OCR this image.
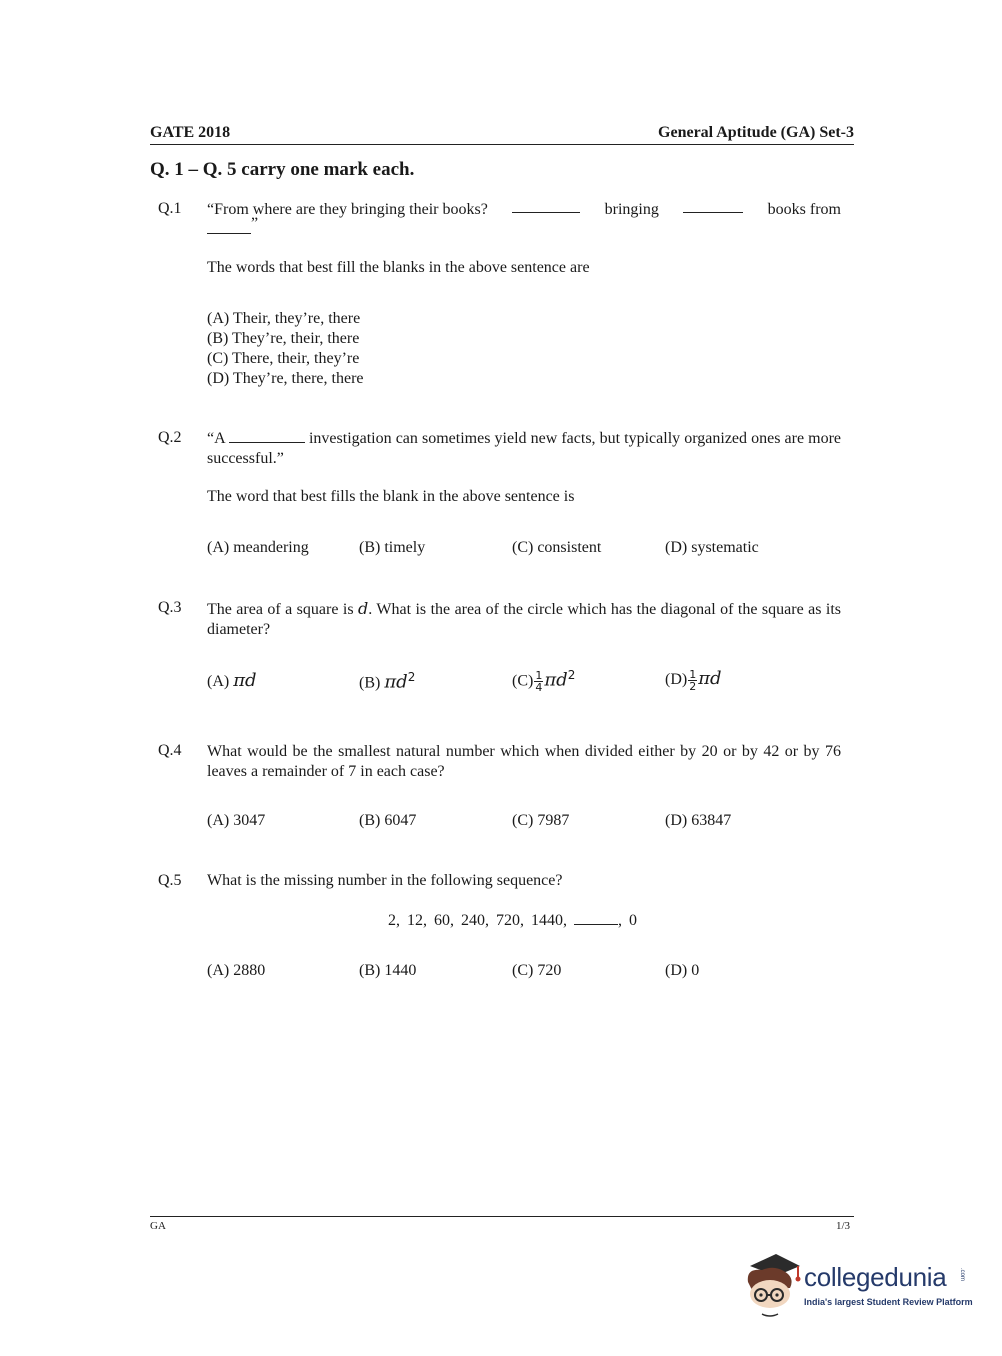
GATE 2018	General Aptitude (GA) Set-3
Q. 1 – Q. 5 carry one mark each.
Q.1 “From where are they bringing their books?	bringing	books from
”
The words that best fill the blanks in the above sentence are
(A) Their, they’re, there
(B) They’re, their, there
(C) There, their, they’re
(D) They’re, there, there
Q.2 “A	investigation can sometimes yield new facts, but typically organized ones are more successful.”
The word that best fills the blank in the above sentence is
(A) meandering	(B) timely	(C) consistent	(D) systematic
Q.3 The area of a square is d. What is the area of the circle which has the diagonal of the square as its diameter?
(A) πd	(B) $\pi d^2$	$(C) \frac{1}{4} \pi d^2$	$(D) \frac{1}{2}$ πd
Q.4 What would be the smallest natural number which when divided either by 20 or by 42 or by 76 leaves a remainder of 7 in each case?
(A) 3047	(B) 6047	(C) 7987	(D) 63847
Q.5 What is the missing number in the following sequence?
2, 12, 60, 240, 720, 1440,	, 0
(A) 2880	(B) 1440	(C) 720	(D) 0
GA	1/3
collegedunia .com
India's largest Student Review Platform
